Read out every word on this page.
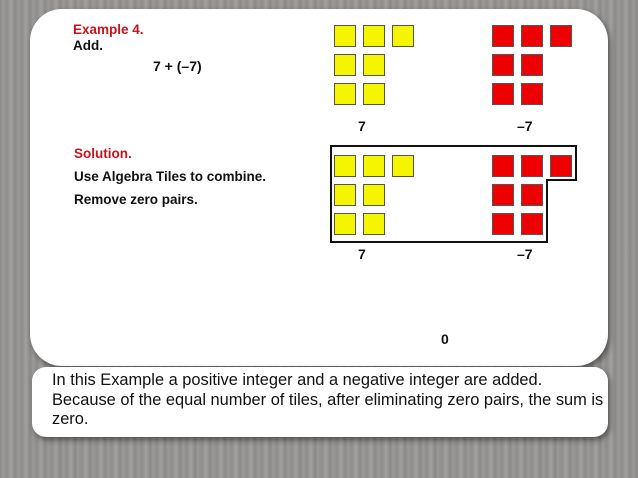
Example 4.
Add.
7 + (–7)
Solution.
Use Algebra Tiles to combine.
Remove zero pairs.
7	–7
7	–7
0
In this Example a positive integer and a negative integer are added. Because of the equal number of tiles, after eliminating zero pairs, the sum is zero.
